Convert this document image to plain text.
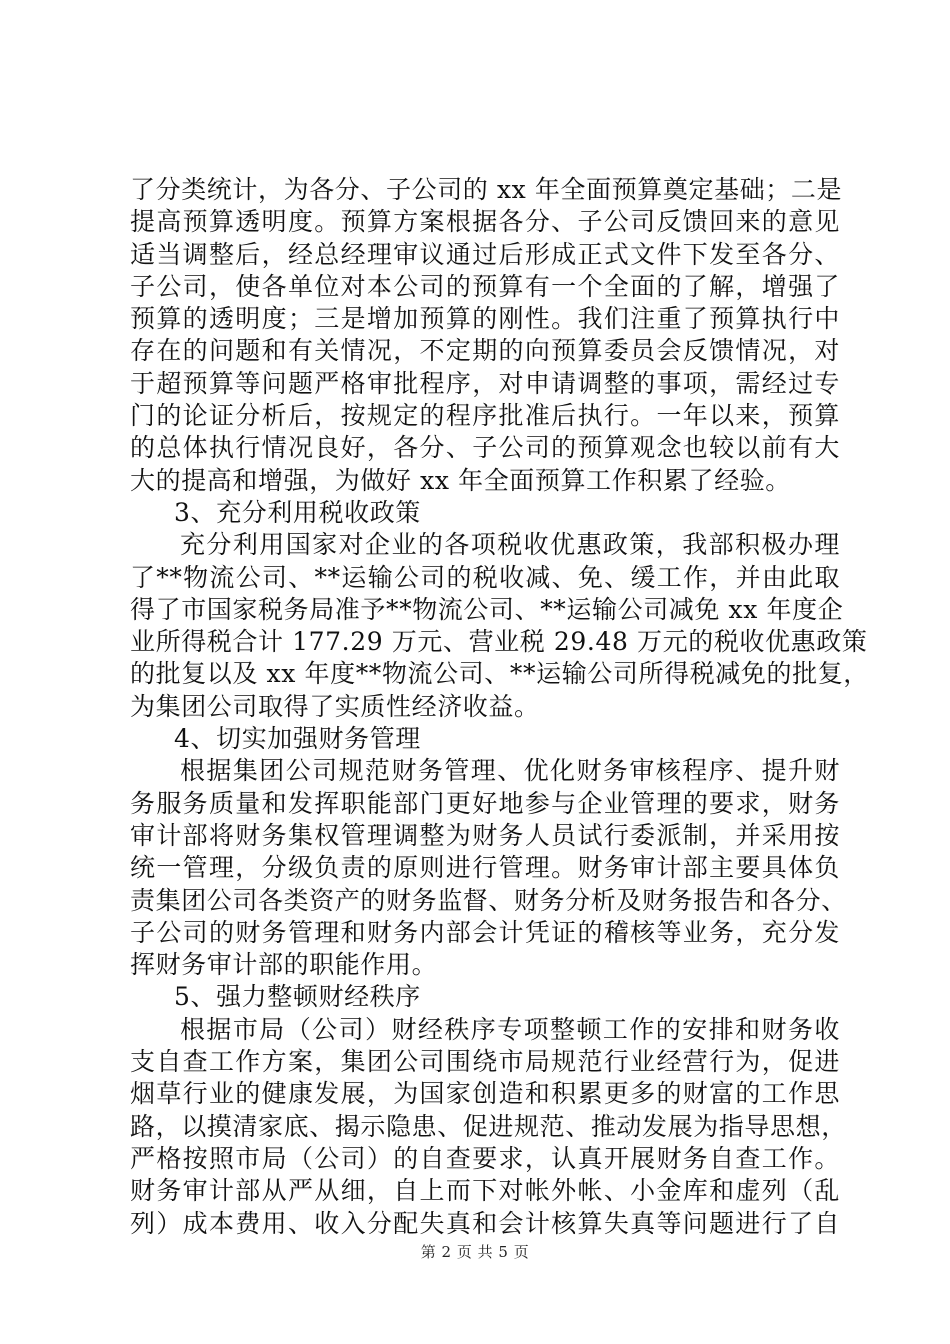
了分类统计，为各分、子公司的 xx 年全面预算奠定基础；二是
提高预算透明度。预算方案根据各分、子公司反馈回来的意见
适当调整后，经总经理审议通过后形成正式文件下发至各分、
子公司，使各单位对本公司的预算有一个全面的了解，增强了
预算的透明度；三是增加预算的刚性。我们注重了预算执行中
存在的问题和有关情况，不定期的向预算委员会反馈情况，对
于超预算等问题严格审批程序，对申请调整的事项，需经过专
门的论证分析后，按规定的程序批准后执行。一年以来，预算
的总体执行情况良好，各分、子公司的预算观念也较以前有大
大的提高和增强，为做好 xx 年全面预算工作积累了经验。
3、充分利用税收政策
充分利用国家对企业的各项税收优惠政策，我部积极办理
了**物流公司、**运输公司的税收减、免、缓工作，并由此取
得了市国家税务局准予**物流公司、**运输公司减免 xx 年度企
业所得税合计 177.29 万元、营业税 29.48 万元的税收优惠政策
的批复以及 xx 年度**物流公司、**运输公司所得税减免的批复，
为集团公司取得了实质性经济收益。
4、切实加强财务管理
根据集团公司规范财务管理、优化财务审核程序、提升财
务服务质量和发挥职能部门更好地参与企业管理的要求，财务
审计部将财务集权管理调整为财务人员试行委派制，并采用按
统一管理，分级负责的原则进行管理。财务审计部主要具体负
责集团公司各类资产的财务监督、财务分析及财务报告和各分、
子公司的财务管理和财务内部会计凭证的稽核等业务，充分发
挥财务审计部的职能作用。
5、强力整顿财经秩序
根据市局（公司）财经秩序专项整顿工作的安排和财务收
支自查工作方案，集团公司围绕市局规范行业经营行为，促进
烟草行业的健康发展，为国家创造和积累更多的财富的工作思
路，以摸清家底、揭示隐患、促进规范、推动发展为指导思想，
严格按照市局（公司）的自查要求，认真开展财务自查工作。
财务审计部从严从细，自上而下对帐外帐、小金库和虚列（乱
列）成本费用、收入分配失真和会计核算失真等问题进行了自
第 2 页 共 5 页
